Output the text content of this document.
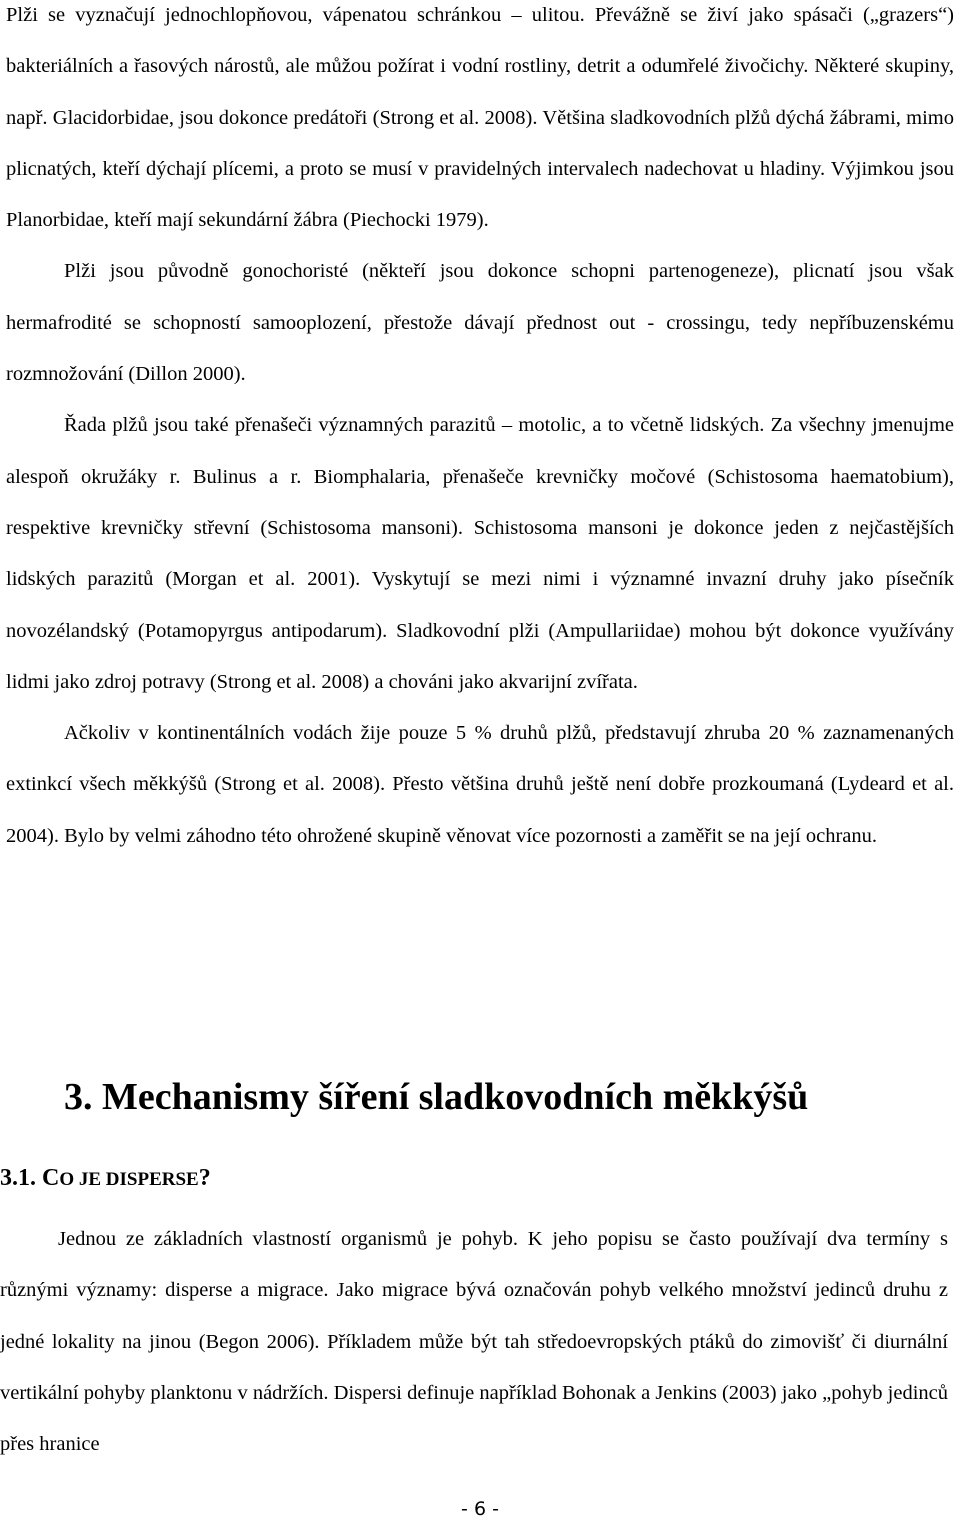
Plži se vyznačují jednochlopňovou, vápenatou schránkou – ulitou. Převážně se živí jako spásači („grazers“) bakteriálních a řasových nárostů, ale můžou požírat i vodní rostliny, detrit a odumřelé živočichy. Některé skupiny, např. Glacidorbidae, jsou dokonce predátoři (Strong et al. 2008). Většina sladkovodních plžů dýchá žábrami, mimo plicnatých, kteří dýchají plícemi, a proto se musí v pravidelných intervalech nadechovat u hladiny. Výjimkou jsou Planorbidae, kteří mají sekundární žábra (Piechocki 1979).

Plži jsou původně gonochoristé (někteří jsou dokonce schopni partenogeneze), plicnatí jsou však hermafrodité se schopností samooplození, přestože dávají přednost out - crossingu, tedy nepříbuzenskému rozmnožování (Dillon 2000).

Řada plžů jsou také přenašeči významných parazitů – motolic, a to včetně lidských. Za všechny jmenujme alespoň okružáky r. Bulinus a r. Biomphalaria, přenašeče krevničky močové (Schistosoma haematobium), respektive krevničky střevní (Schistosoma mansoni). Schistosoma mansoni je dokonce jeden z nejčastějších lidských parazitů (Morgan et al. 2001). Vyskytují se mezi nimi i významné invazní druhy jako písečník novozélandský (Potamopyrgus antipodarum). Sladkovodní plži (Ampullariidae) mohou být dokonce využívány lidmi jako zdroj potravy (Strong et al. 2008) a chováni jako akvarijní zvířata.

Ačkoliv v kontinentálních vodách žije pouze 5 % druhů plžů, představují zhruba 20 % zaznamenaných extinkcí všech měkkýšů (Strong et al. 2008). Přesto většina druhů ještě není dobře prozkoumaná (Lydeard et al. 2004). Bylo by velmi záhodno této ohrožené skupině věnovat více pozornosti a zaměřit se na její ochranu.

3. Mechanismy šíření sladkovodních měkkýšů
3.1. CO JE DISPERSE?

Jednou ze základních vlastností organismů je pohyb. K jeho popisu se často používají dva termíny s různými významy: disperse a migrace. Jako migrace bývá označován pohyb velkého množství jedinců druhu z jedné lokality na jinou (Begon 2006). Příkladem může být tah středoevropských ptáků do zimovišť či diurnální vertikální pohyby planktonu v nádržích. Dispersi definuje například Bohonak a Jenkins (2003) jako „pohyb jedinců přes hranice

- 6 -
